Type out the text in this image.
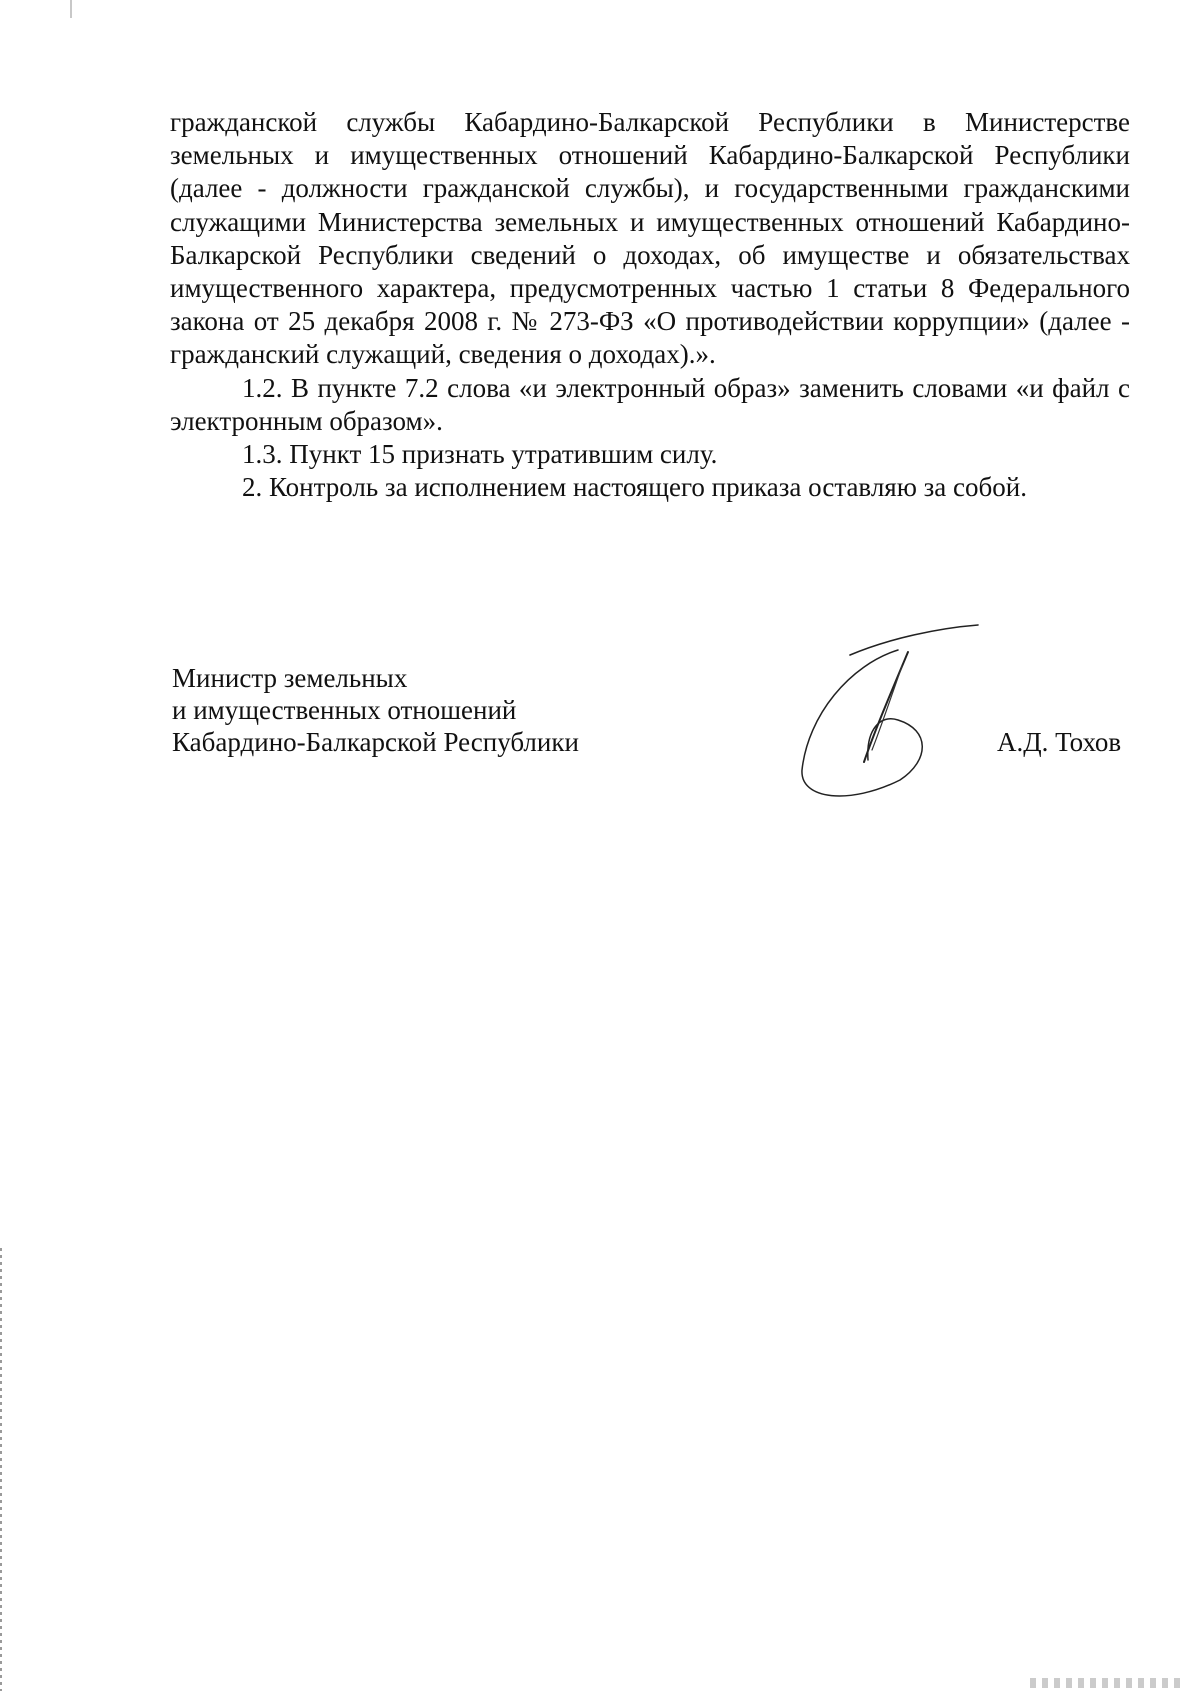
гражданской службы Кабардино-Балкарской Республики в Министерстве земельных и имущественных отношений Кабардино-Балкарской Республики (далее - должности гражданской службы), и государственными гражданскими служащими Министерства земельных и имущественных отношений Кабардино-Балкарской Республики сведений о доходах, об имуществе и обязательствах имущественного характера, предусмотренных частью 1 статьи 8 Федерального закона от 25 декабря 2008 г. № 273-ФЗ «О противодействии коррупции» (далее - гражданский служащий, сведения о доходах).».

1.2. В пункте 7.2 слова «и электронный образ» заменить словами «и файл с электронным образом».

1.3. Пункт 15 признать утратившим силу.

2. Контроль за исполнением настоящего приказа оставляю за собой.

Министр земельных
и имущественных отношений
Кабардино-Балкарской Республики	А.Д. Тохов
